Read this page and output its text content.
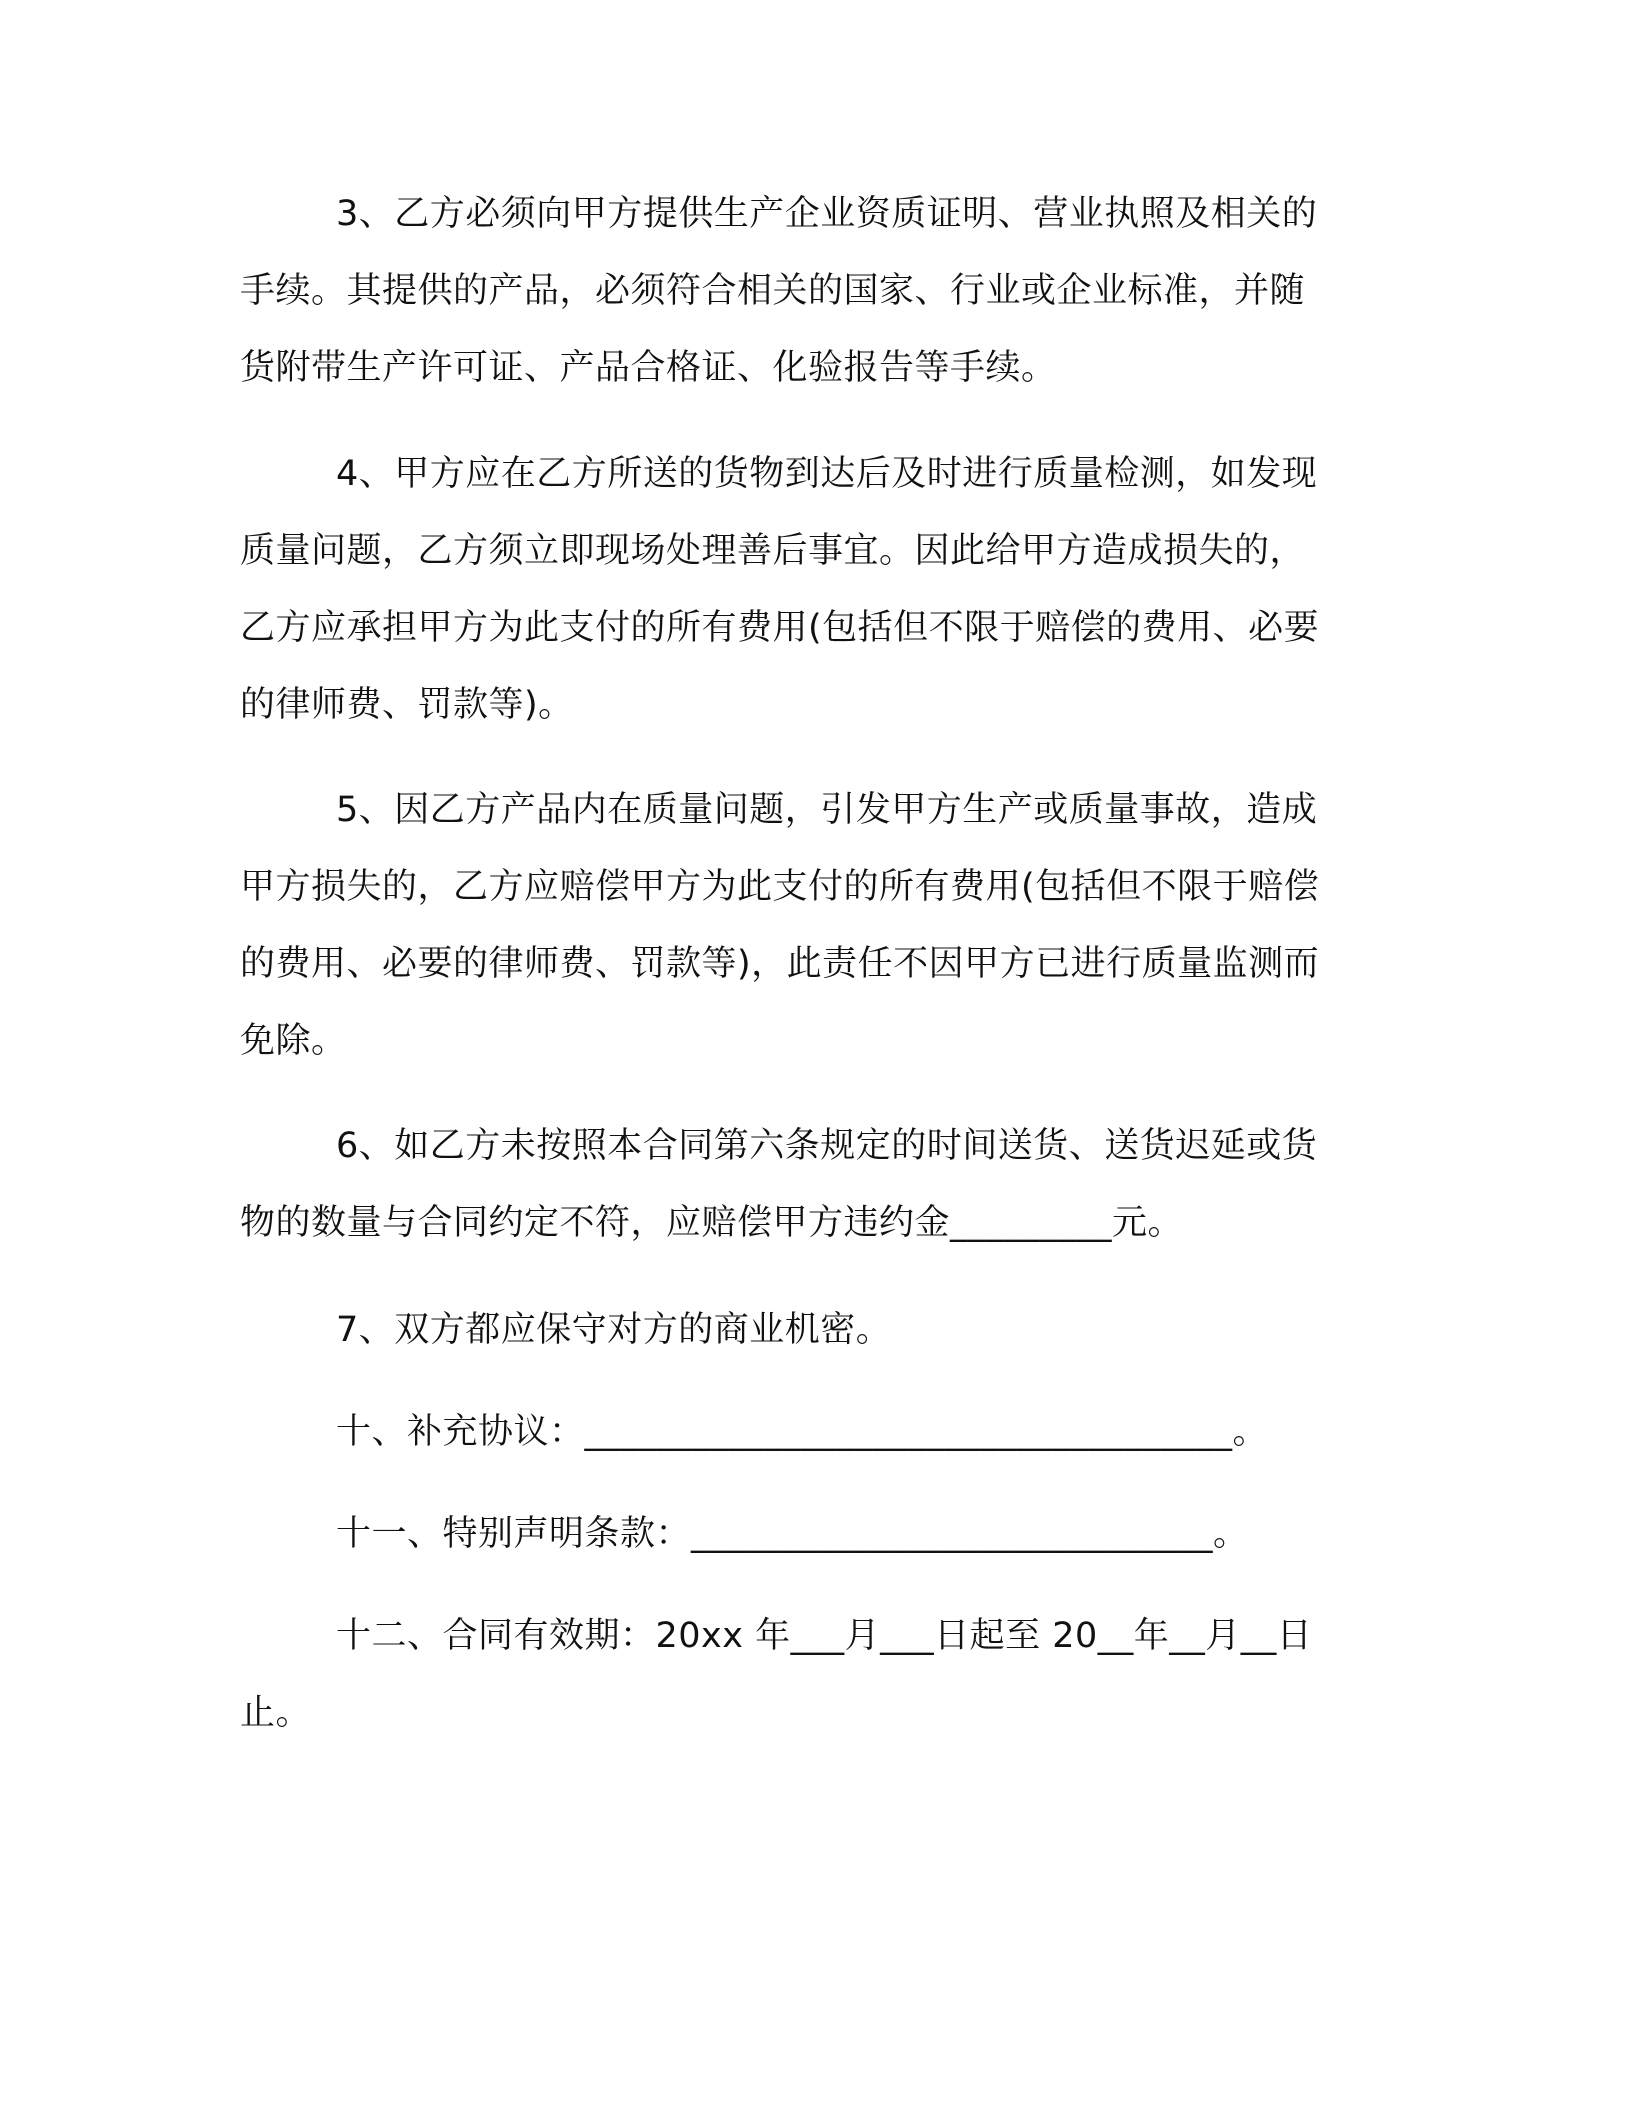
3、乙方必须向甲方提供生产企业资质证明、营业执照及相关的
手续。其提供的产品，必须符合相关的国家、行业或企业标准，并随
货附带生产许可证、产品合格证、化验报告等手续。
4、甲方应在乙方所送的货物到达后及时进行质量检测，如发现
质量问题，乙方须立即现场处理善后事宜。因此给甲方造成损失的，
乙方应承担甲方为此支付的所有费用(包括但不限于赔偿的费用、必要
的律师费、罚款等)。
5、因乙方产品内在质量问题，引发甲方生产或质量事故，造成
甲方损失的，乙方应赔偿甲方为此支付的所有费用(包括但不限于赔偿
的费用、必要的律师费、罚款等)，此责任不因甲方已进行质量监测而
免除。
6、如乙方未按照本合同第六条规定的时间送货、送货迟延或货
物的数量与合同约定不符，应赔偿甲方违约金_________元。
7、双方都应保守对方的商业机密。
十、补充协议：____________________________________。
十一、特别声明条款：_____________________________。
十二、合同有效期：20xx 年___月___日起至 20__年__月__日
止。
